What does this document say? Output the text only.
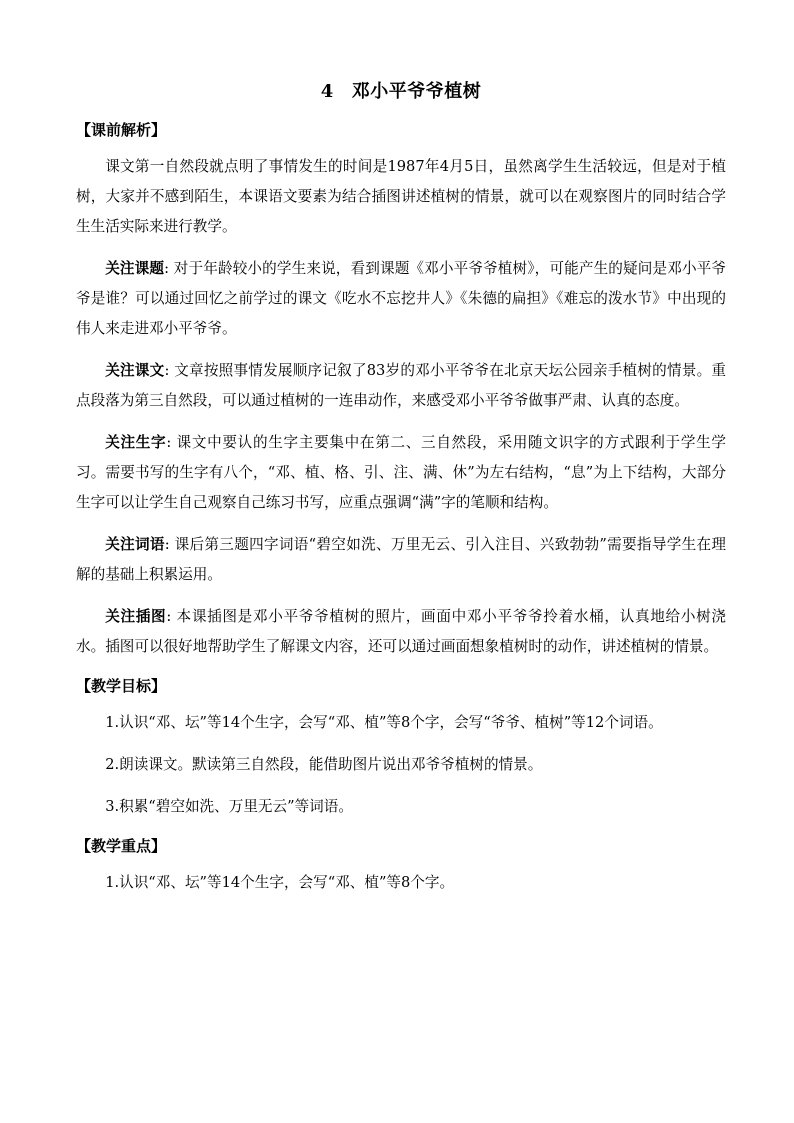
4 邓小平爷爷植树
【课前解析】

课文第一自然段就点明了事情发生的时间是1987年4月5日，虽然离学生生活较远，但是对于植树，大家并不感到陌生，本课语文要素为结合插图讲述植树的情景，就可以在观察图片的同时结合学生生活实际来进行教学。

关注课题: 对于年龄较小的学生来说，看到课题《邓小平爷爷植树》，可能产生的疑问是邓小平爷爷是谁？可以通过回忆之前学过的课文《吃水不忘挖井人》《朱德的扁担》《难忘的泼水节》中出现的伟人来走进邓小平爷爷。

关注课文: 文章按照事情发展顺序记叙了83岁的邓小平爷爷在北京天坛公园亲手植树的情景。重点段落为第三自然段，可以通过植树的一连串动作，来感受邓小平爷爷做事严肃、认真的态度。

关注生字: 课文中要认的生字主要集中在第二、三自然段，采用随文识字的方式跟利于学生学习。需要书写的生字有八个，“邓、植、格、引、注、满、休”为左右结构，“息”为上下结构，大部分生字可以让学生自己观察自己练习书写，应重点强调“满”字的笔顺和结构。

关注词语: 课后第三题四字词语“碧空如洗、万里无云、引入注目、兴致勃勃”需要指导学生在理解的基础上积累运用。

关注插图: 本课插图是邓小平爷爷植树的照片，画面中邓小平爷爷拎着水桶，认真地给小树浇水。插图可以很好地帮助学生了解课文内容，还可以通过画面想象植树时的动作，讲述植树的情景。

【教学目标】

1.认识“邓、坛”等14个生字，会写“邓、植”等8个字，会写“爷爷、植树”等12个词语。

2.朗读课文。默读第三自然段，能借助图片说出邓爷爷植树的情景。

3.积累“碧空如洗、万里无云”等词语。

【教学重点】

1.认识“邓、坛”等14个生字，会写“邓、植”等8个字。
